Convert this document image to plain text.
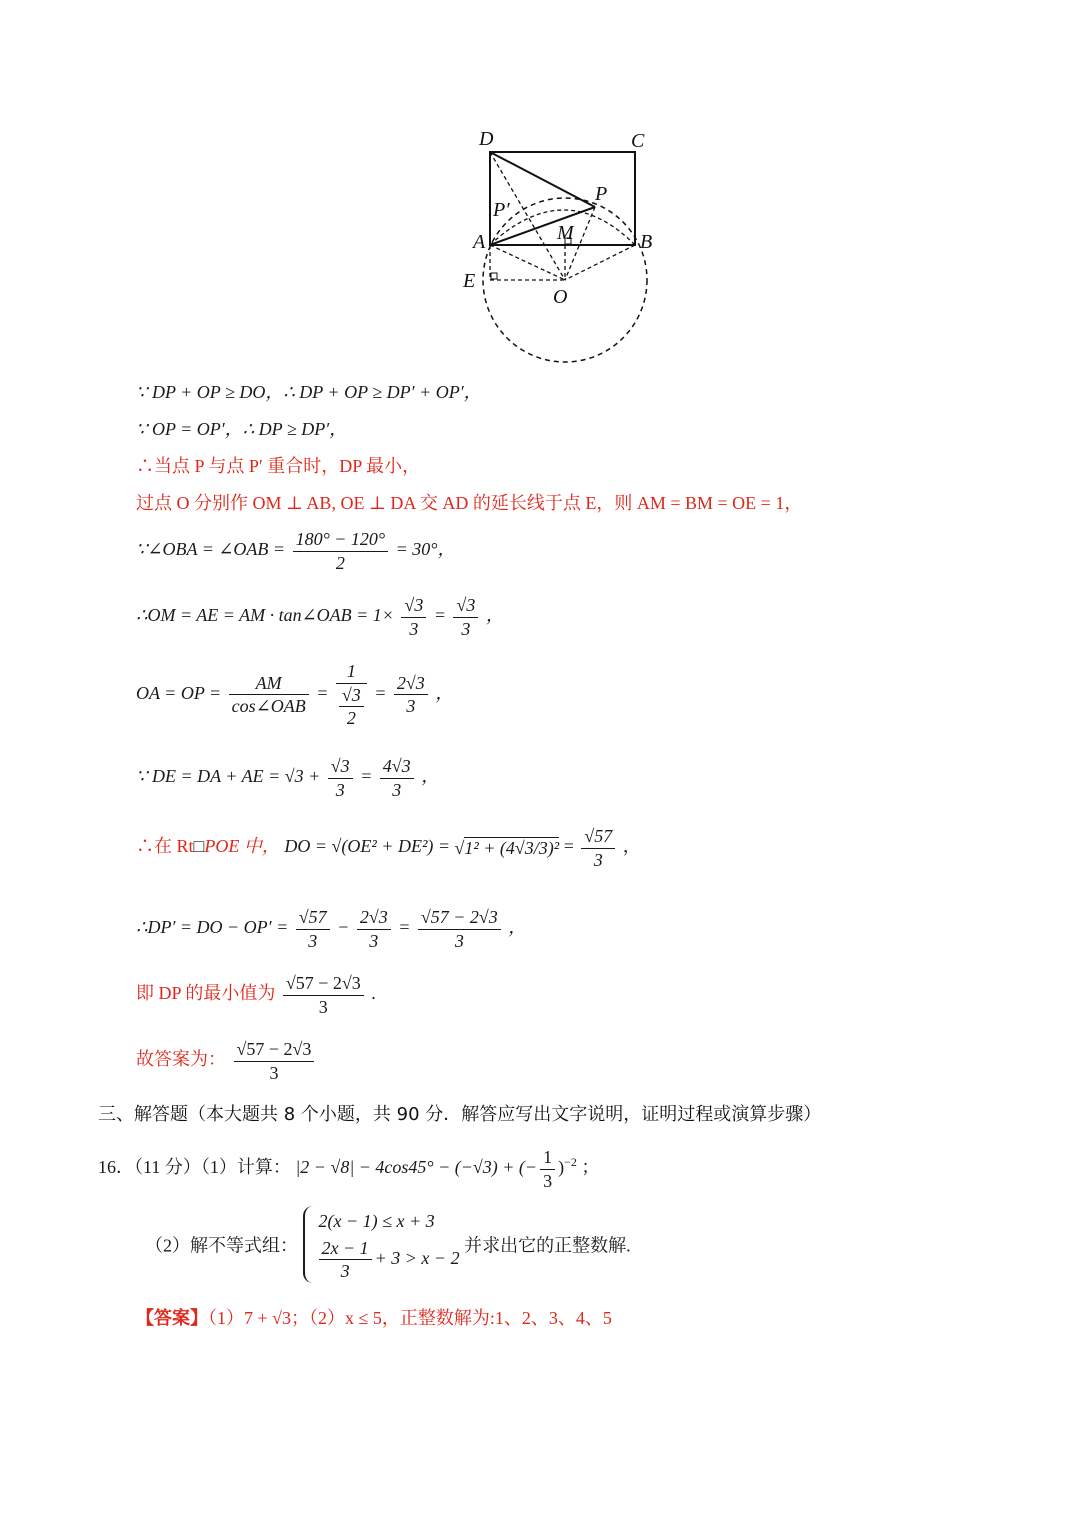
D	C
P
P′
M
A	B
E
O
∵ DP + OP ≥ DO，∴ DP + OP ≥ DP′ + OP′，
∵ OP = OP′，∴ DP ≥ DP′，
∴当点 P 与点 P′ 重合时，DP 最小，
过点 O 分别作 OM ⊥ AB, OE ⊥ DA 交 AD 的延长线于点 E，则 AM = BM = OE = 1，
∵∠OBA = ∠OAB = $\frac{180^\circ - 120^\circ}{2} = 30^\circ$，
∴OM = AE = AM · tan∠OAB = $1\times \frac{√3}{3} = \frac{√3}{3}$ ，
OA = OP = $\frac{AM}{\text{cos∠OAB}} = \frac{1}{\frac{√3}{2}} = \frac{2√3}{3}$ ，
∵ DE = DA + AE = $√3 + \frac{√3}{3} = \frac{4√3}{3}$ ，
∴在 Rt□POE 中， DO = $√(OE^2 + DE^2) = √1^2 + (4√3/3)^2 = \frac{√57}{3}$ ，
∴DP′ = DO − $OP' = \frac{√57}{3} - \frac{2√3}{3} = \frac{√57 - 2√3}{3}$ ，
即 DP 的最小值为 $\frac{√57 - 2√3}{3}$ .
故答案为： $\frac{√57 - 2√3}{3}$
三、解答题（本大题共 8 个小题，共 90 分．解答应写出文字说明，证明过程或演算步骤）
16．（11 分）（1）计算： |2 − √8| − 4cos45° − (−√3) + (− $\frac{1}{3} )^{-2}$ ；
（2）解不等式组：
2(x − 1) ≤ x + 3
$\frac{2x - 1}{3} + 3 > x - 2$
并求出它的正整数解.
【答案】（1）7 + √3；（2）x ≤ 5，正整数解为:1、2、3、4、5
